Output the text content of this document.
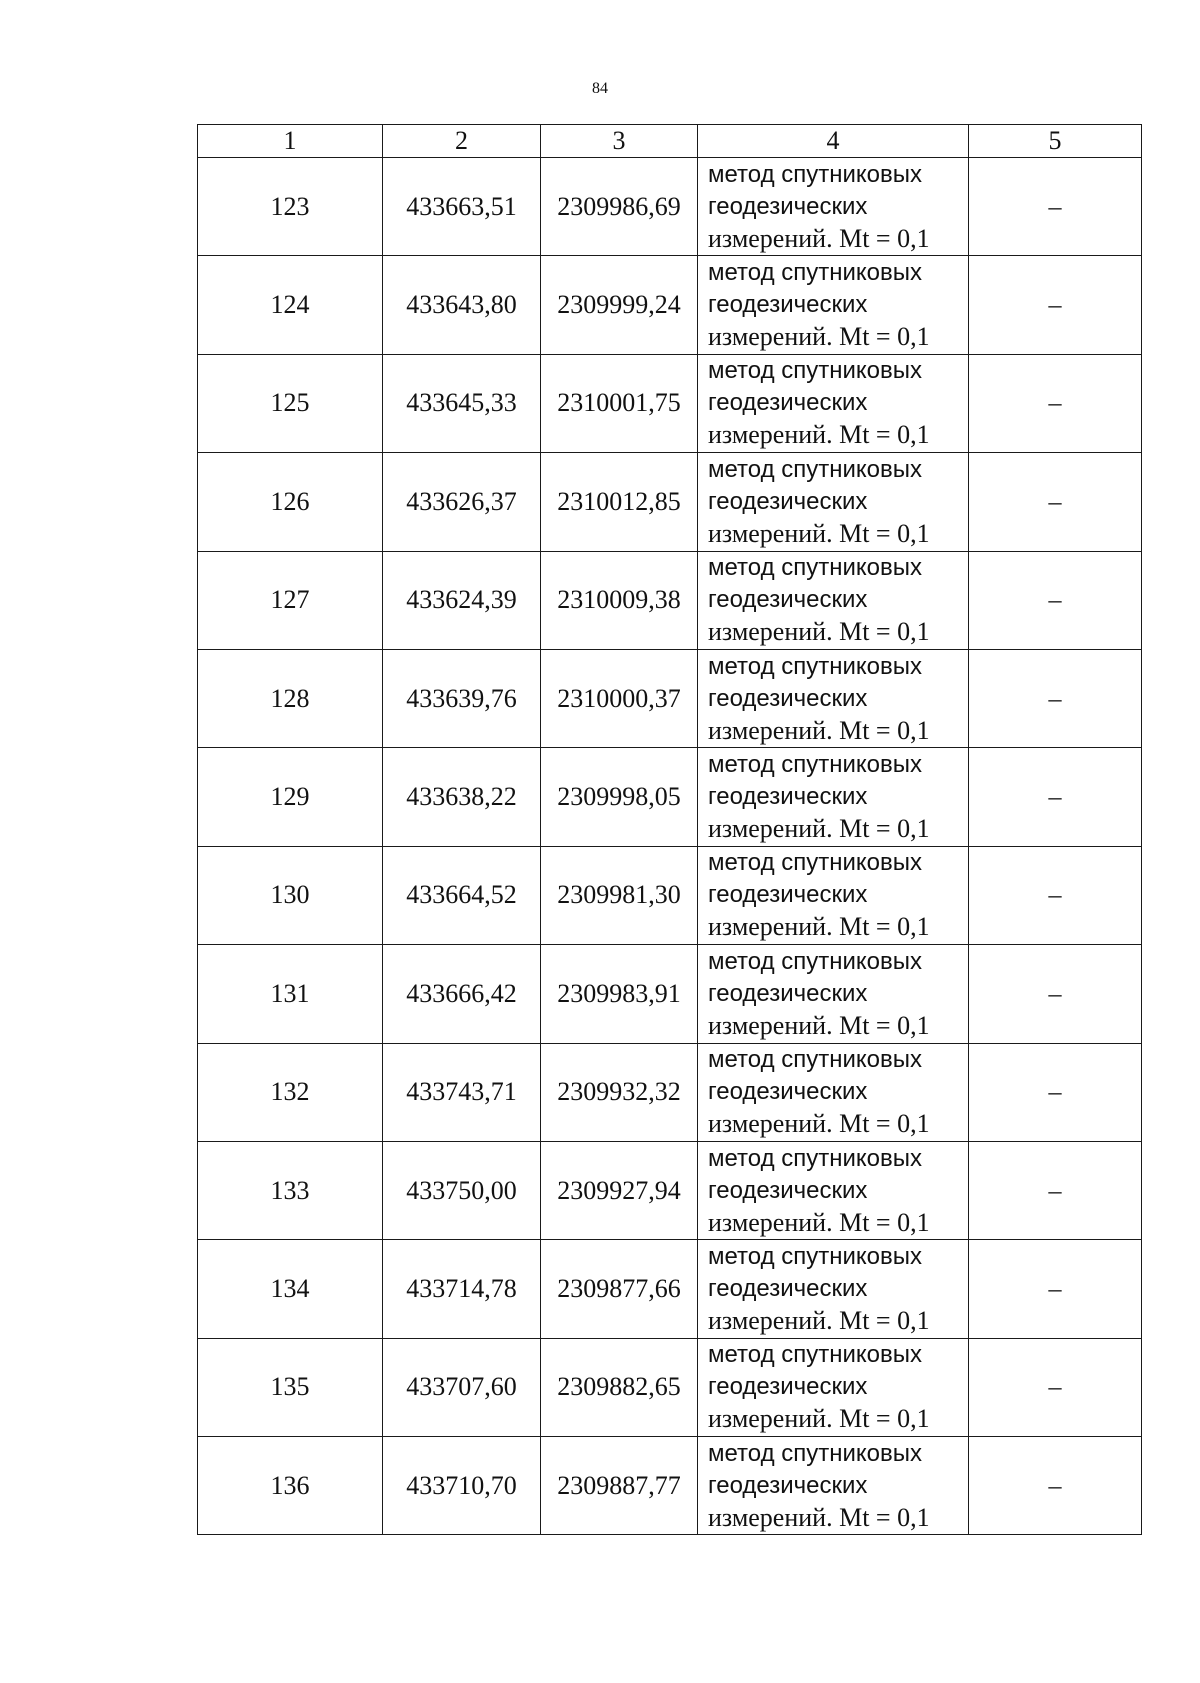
84
1	2	3	4	5
123	433663,51	2309986,69	метод спутниковых
геодезических
измерений. Mt = 0,1	–
124	433643,80	2309999,24	метод спутниковых
геодезических
измерений. Mt = 0,1	–
125	433645,33	2310001,75	метод спутниковых
геодезических
измерений. Mt = 0,1	–
126	433626,37	2310012,85	метод спутниковых
геодезических
измерений. Mt = 0,1	–
127	433624,39	2310009,38	метод спутниковых
геодезических
измерений. Mt = 0,1	–
128	433639,76	2310000,37	метод спутниковых
геодезических
измерений. Mt = 0,1	–
129	433638,22	2309998,05	метод спутниковых
геодезических
измерений. Mt = 0,1	–
130	433664,52	2309981,30	метод спутниковых
геодезических
измерений. Mt = 0,1	–
131	433666,42	2309983,91	метод спутниковых
геодезических
измерений. Mt = 0,1	–
132	433743,71	2309932,32	метод спутниковых
геодезических
измерений. Mt = 0,1	–
133	433750,00	2309927,94	метод спутниковых
геодезических
измерений. Mt = 0,1	–
134	433714,78	2309877,66	метод спутниковых
геодезических
измерений. Mt = 0,1	–
135	433707,60	2309882,65	метод спутниковых
геодезических
измерений. Mt = 0,1	–
136	433710,70	2309887,77	метод спутниковых
геодезических
измерений. Mt = 0,1	–
